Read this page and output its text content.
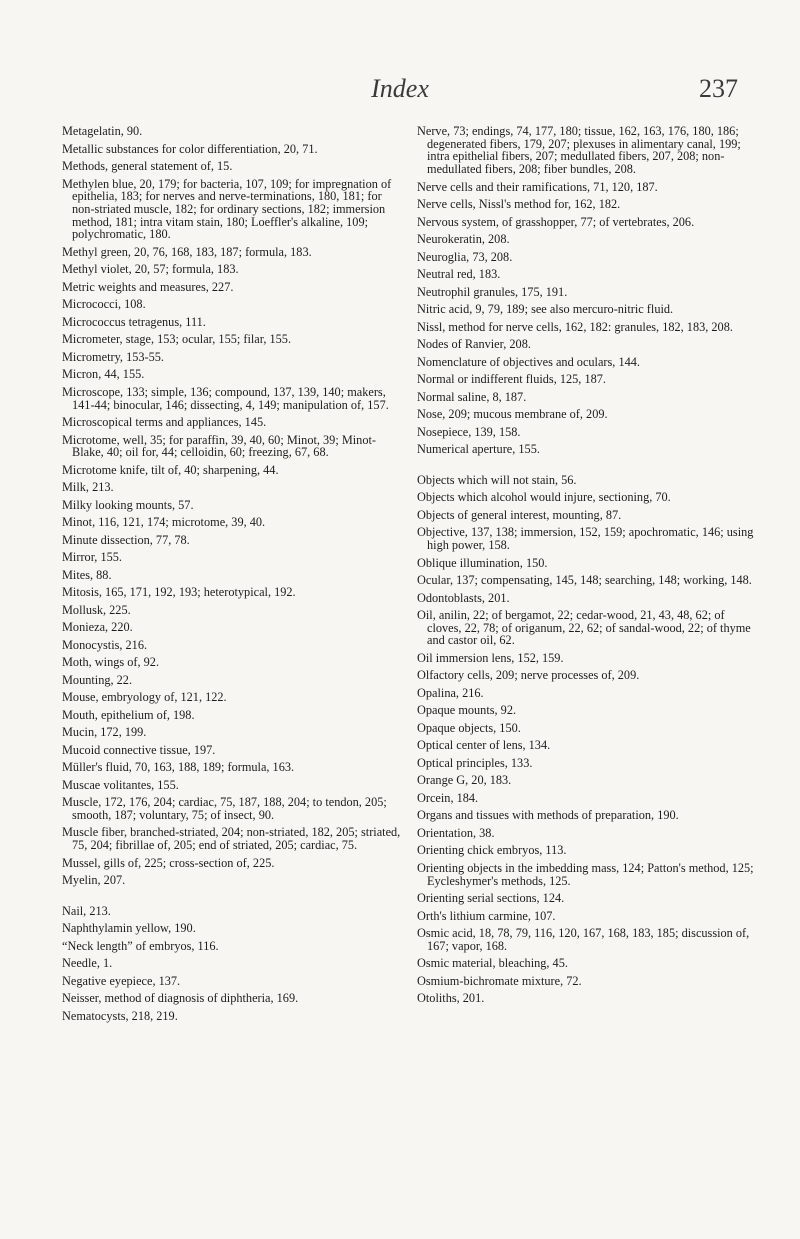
Index	237
Metagelatin, 90.
Metallic substances for color differentiation, 20, 71.
Methods, general statement of, 15.
Methylen blue, 20, 179; for bacteria, 107, 109; for impregnation of epithelia, 183; for nerves and nerve-terminations, 180, 181; for non-striated muscle, 182; for ordinary sections, 182; immersion method, 181; intra vitam stain, 180; Loeffler's alkaline, 109; polychromatic, 180.
Methyl green, 20, 76, 168, 183, 187; formula, 183.
Methyl violet, 20, 57; formula, 183.
Metric weights and measures, 227.
Micrococci, 108.
Micrococcus tetragenus, 111.
Micrometer, stage, 153; ocular, 155; filar, 155.
Micrometry, 153-55.
Micron, 44, 155.
Microscope, 133; simple, 136; compound, 137, 139, 140; makers, 141-44; binocular, 146; dissecting, 4, 149; manipulation of, 157.
Microscopical terms and appliances, 145.
Microtome, well, 35; for paraffin, 39, 40, 60; Minot, 39; Minot-Blake, 40; oil for, 44; celloidin, 60; freezing, 67, 68.
Microtome knife, tilt of, 40; sharpening, 44.
Milk, 213.
Milky looking mounts, 57.
Minot, 116, 121, 174; microtome, 39, 40.
Minute dissection, 77, 78.
Mirror, 155.
Mites, 88.
Mitosis, 165, 171, 192, 193; heterotypical, 192.
Mollusk, 225.
Monieza, 220.
Monocystis, 216.
Moth, wings of, 92.
Mounting, 22.
Mouse, embryology of, 121, 122.
Mouth, epithelium of, 198.
Mucin, 172, 199.
Mucoid connective tissue, 197.
Müller's fluid, 70, 163, 188, 189; formula, 163.
Muscae volitantes, 155.
Muscle, 172, 176, 204; cardiac, 75, 187, 188, 204; to tendon, 205; smooth, 187; voluntary, 75; of insect, 90.
Muscle fiber, branched-striated, 204; non-striated, 182, 205; striated, 75, 204; fibrillae of, 205; end of striated, 205; cardiac, 75.
Mussel, gills of, 225; cross-section of, 225.
Myelin, 207.
Nail, 213.
Naphthylamin yellow, 190.
“Neck length” of embryos, 116.
Needle, 1.
Negative eyepiece, 137.
Neisser, method of diagnosis of diphtheria, 169.
Nematocysts, 218, 219.
Nerve, 73; endings, 74, 177, 180; tissue, 162, 163, 176, 180, 186; degenerated fibers, 179, 207; plexuses in alimentary canal, 199; intra epithelial fibers, 207; medullated fibers, 207, 208; non-medullated fibers, 208; fiber bundles, 208.
Nerve cells and their ramifications, 71, 120, 187.
Nerve cells, Nissl's method for, 162, 182.
Nervous system, of grasshopper, 77; of vertebrates, 206.
Neurokeratin, 208.
Neuroglia, 73, 208.
Neutral red, 183.
Neutrophil granules, 175, 191.
Nitric acid, 9, 79, 189; see also mercuro-nitric fluid.
Nissl, method for nerve cells, 162, 182: granules, 182, 183, 208.
Nodes of Ranvier, 208.
Nomenclature of objectives and oculars, 144.
Normal or indifferent fluids, 125, 187.
Normal saline, 8, 187.
Nose, 209; mucous membrane of, 209.
Nosepiece, 139, 158.
Numerical aperture, 155.
Objects which will not stain, 56.
Objects which alcohol would injure, sectioning, 70.
Objects of general interest, mounting, 87.
Objective, 137, 138; immersion, 152, 159; apochromatic, 146; using high power, 158.
Oblique illumination, 150.
Ocular, 137; compensating, 145, 148; searching, 148; working, 148.
Odontoblasts, 201.
Oil, anilin, 22; of bergamot, 22; cedar-wood, 21, 43, 48, 62; of cloves, 22, 78; of origanum, 22, 62; of sandal-wood, 22; of thyme and castor oil, 62.
Oil immersion lens, 152, 159.
Olfactory cells, 209; nerve processes of, 209.
Opalina, 216.
Opaque mounts, 92.
Opaque objects, 150.
Optical center of lens, 134.
Optical principles, 133.
Orange G, 20, 183.
Orcein, 184.
Organs and tissues with methods of preparation, 190.
Orientation, 38.
Orienting chick embryos, 113.
Orienting objects in the imbedding mass, 124; Patton's method, 125; Eycleshymer's methods, 125.
Orienting serial sections, 124.
Orth's lithium carmine, 107.
Osmic acid, 18, 78, 79, 116, 120, 167, 168, 183, 185; discussion of, 167; vapor, 168.
Osmic material, bleaching, 45.
Osmium-bichromate mixture, 72.
Otoliths, 201.
